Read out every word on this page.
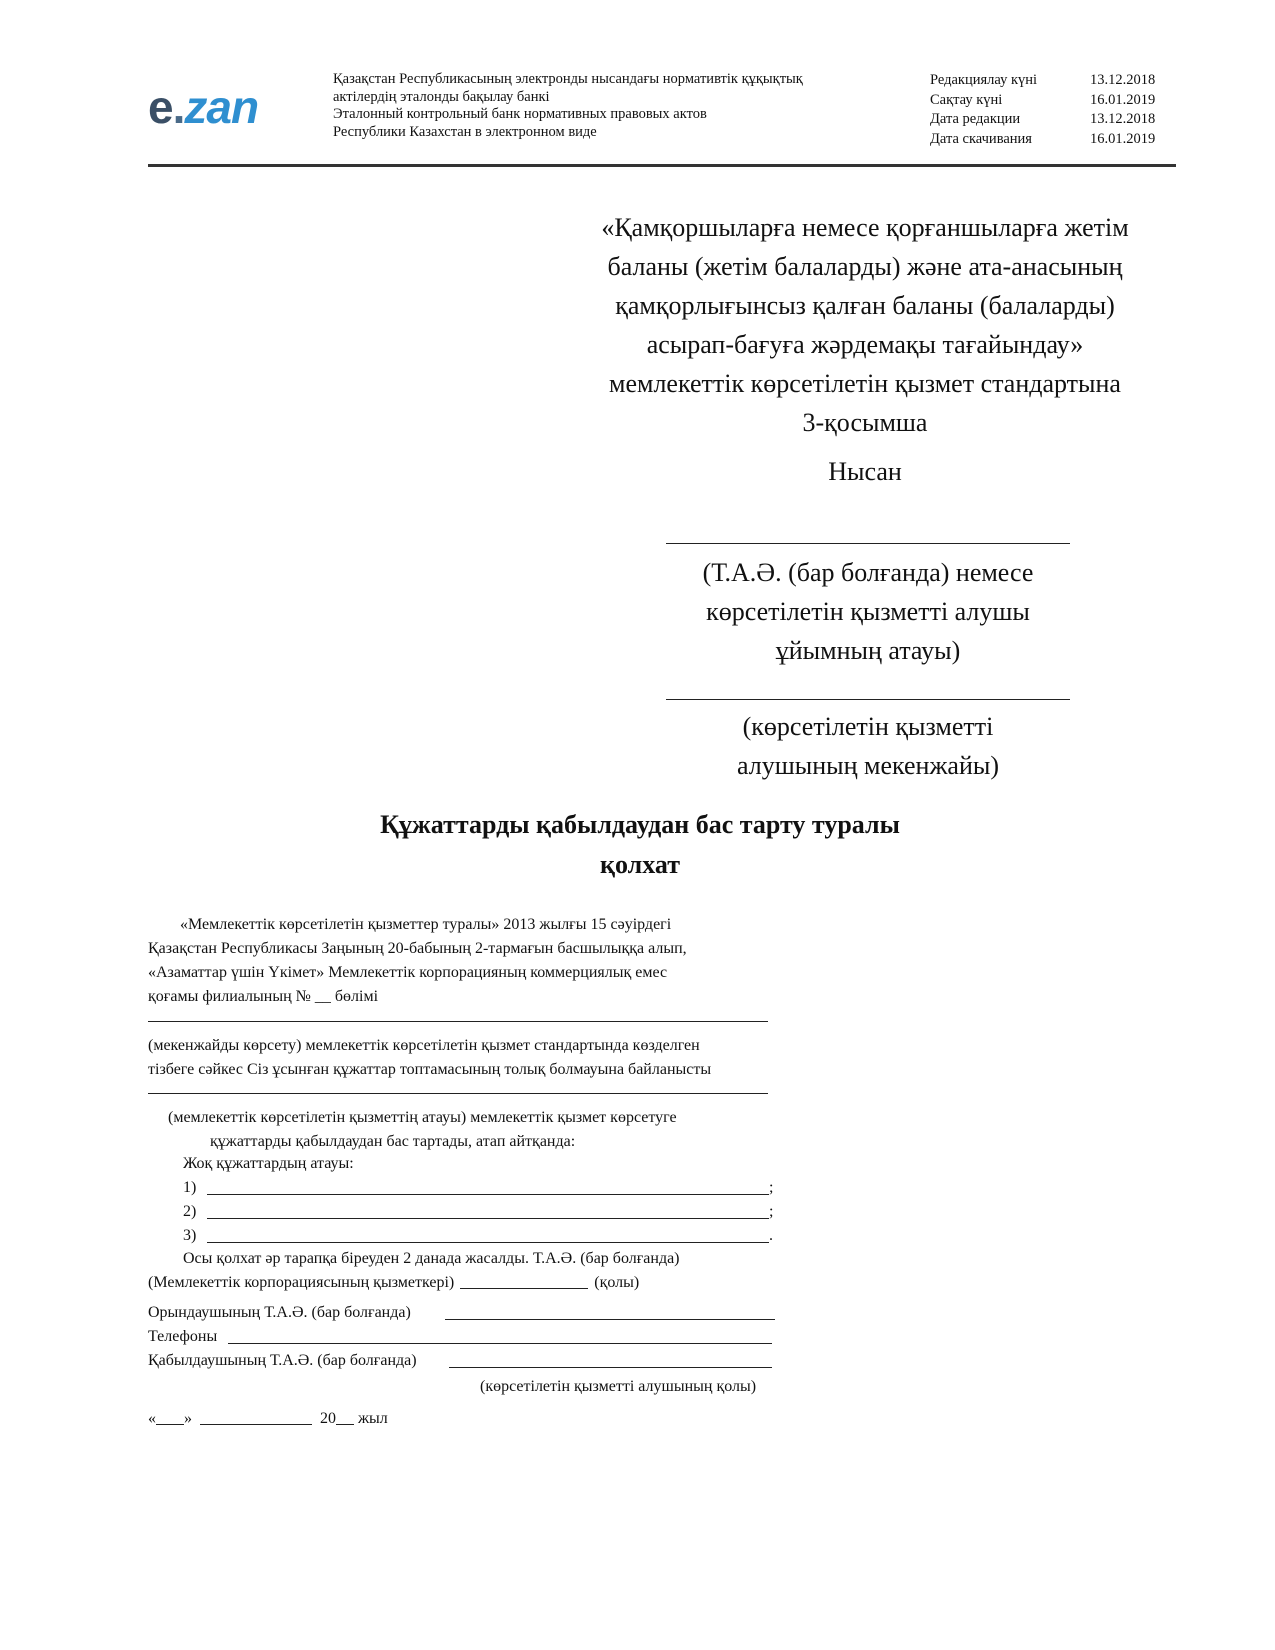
e.zan
Қазақстан Республикасының электронды нысандағы нормативтік құқықтық
актілердің эталонды бақылау банкі
Эталонный контрольный банк нормативных правовых актов
Республики Казахстан в электронном виде
Редакциялау күні	13.12.2018
Сақтау күні	16.01.2019
Дата редакции	13.12.2018
Дата скачивания	16.01.2019
«Қамқоршыларға немесе қорғаншыларға жетім
баланы (жетім балаларды) және ата-анасының
қамқорлығынсыз қалған баланы (балаларды)
асырап-бағуға жәрдемақы тағайындау»
мемлекеттік көрсетілетін қызмет стандартына
3-қосымша
Нысан
(Т.А.Ә. (бар болғанда) немесе
көрсетілетін қызметті алушы
ұйымның атауы)
(көрсетілетін қызметті
алушының мекенжайы)
Құжаттарды қабылдаудан бас тарту туралы
қолхат
«Мемлекеттік көрсетілетін қызметтер туралы» 2013 жылғы 15 сәуірдегі
Қазақстан Республикасы Заңының 20-бабының 2-тармағын басшылыққа алып,
«Азаматтар үшін Үкімет» Мемлекеттік корпорацияның коммерциялық емес
қоғамы филиалының № __ бөлімі
(мекенжайды көрсету) мемлекеттік көрсетілетін қызмет стандартында көзделген
тізбеге сәйкес Сіз ұсынған құжаттар топтамасының толық болмауына байланысты
(мемлекеттік көрсетілетін қызметтің атауы) мемлекеттік қызмет көрсетуге
құжаттарды қабылдаудан бас тартады, атап айтқанда:
Жоқ құжаттардың атауы:
1)	;
2)	;
3)	.
Осы қолхат әр тарапқа біреуден 2 данада жасалды. Т.А.Ә. (бар болғанда)
(Мемлекеттік корпорациясының қызметкері)	(қолы)
Орындаушының Т.А.Ә. (бар болғанда)
Телефоны
Қабылдаушының Т.А.Ә. (бар болғанда)
(көрсетілетін қызметті алушының қолы)
« »	20 жыл
